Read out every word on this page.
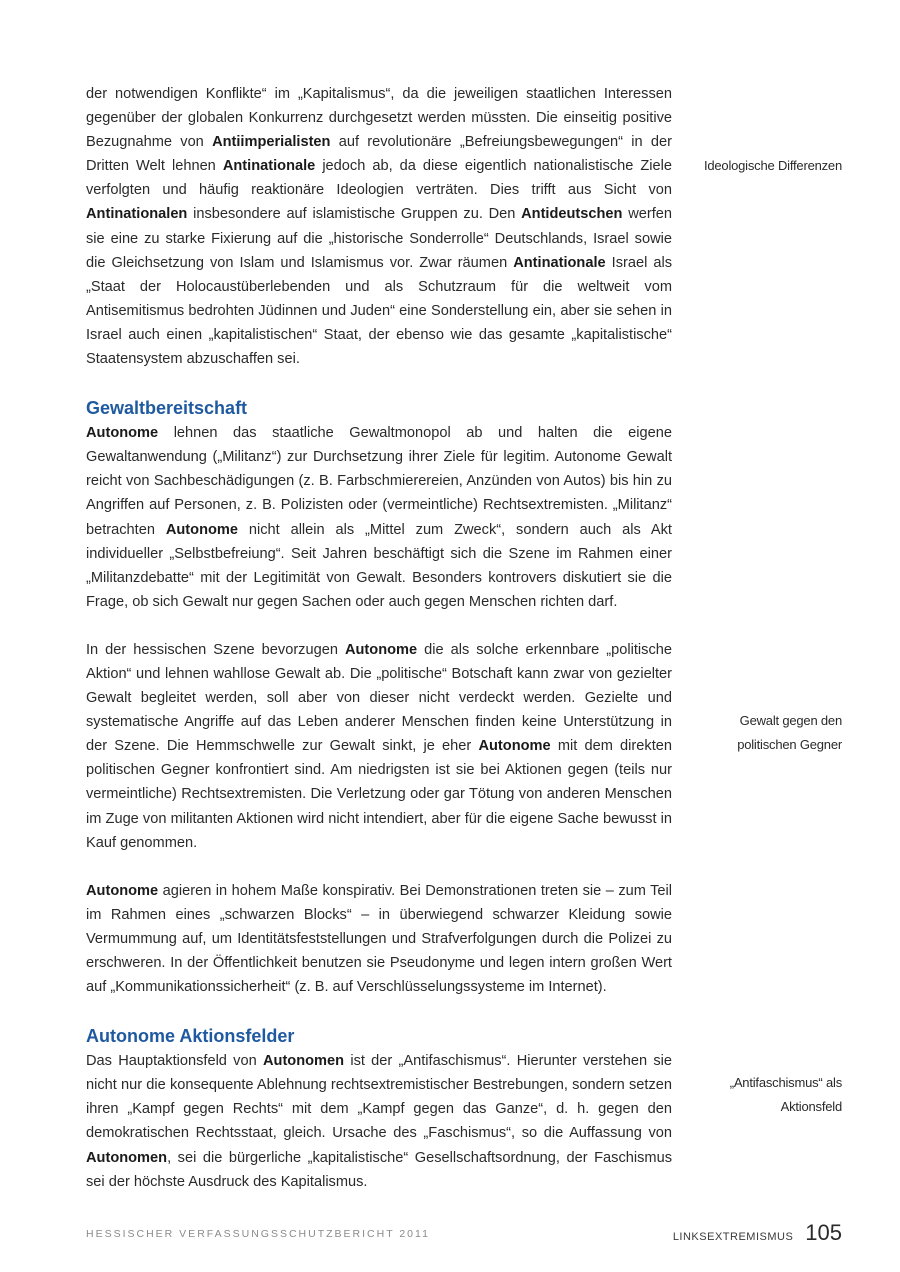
der notwendigen Konflikte“ im „Kapitalismus“, da die jeweiligen staatlichen Interessen gegenüber der globalen Konkurrenz durchgesetzt werden müssten. Die einseitig positive Bezugnahme von Antiimperialisten auf revolutionäre „Befreiungsbewegungen“ in der Dritten Welt lehnen Antinationale jedoch ab, da diese eigentlich nationalistische Ziele verfolgten und häufig reaktionäre Ideologien verträten. Dies trifft aus Sicht von Antinationalen insbesondere auf islamistische Gruppen zu. Den Antideutschen werfen sie eine zu starke Fixierung auf die „historische Sonderrolle“ Deutschlands, Israel sowie die Gleichsetzung von Islam und Islamismus vor. Zwar räumen Antinationale Israel als „Staat der Holocaustüberlebenden und als Schutzraum für die weltweit vom Antisemitismus bedrohten Jüdinnen und Juden“ eine Sonderstellung ein, aber sie sehen in Israel auch einen „kapitalistischen“ Staat, der ebenso wie das gesamte „kapitalistische“ Staatensystem abzuschaffen sei.

Gewaltbereitschaft

Autonome lehnen das staatliche Gewaltmonopol ab und halten die eigene Gewaltanwendung („Militanz“) zur Durchsetzung ihrer Ziele für legitim. Autonome Gewalt reicht von Sachbeschädigungen (z. B. Farbschmierereien, Anzünden von Autos) bis hin zu Angriffen auf Personen, z. B. Polizisten oder (vermeintliche) Rechtsextremisten. „Militanz“ betrachten Autonome nicht allein als „Mittel zum Zweck“, sondern auch als Akt individueller „Selbstbefreiung“. Seit Jahren beschäftigt sich die Szene im Rahmen einer „Militanzdebatte“ mit der Legitimität von Gewalt. Besonders kontrovers diskutiert sie die Frage, ob sich Gewalt nur gegen Sachen oder auch gegen Menschen richten darf.

In der hessischen Szene bevorzugen Autonome die als solche erkennbare „politische Aktion“ und lehnen wahllose Gewalt ab. Die „politische“ Botschaft kann zwar von gezielter Gewalt begleitet werden, soll aber von dieser nicht verdeckt werden. Gezielte und systematische Angriffe auf das Leben anderer Menschen finden keine Unterstützung in der Szene. Die Hemmschwelle zur Gewalt sinkt, je eher Autonome mit dem direkten politischen Gegner konfrontiert sind. Am niedrigsten ist sie bei Aktionen gegen (teils nur vermeintliche) Rechtsextremisten. Die Verletzung oder gar Tötung von anderen Menschen im Zuge von militanten Aktionen wird nicht intendiert, aber für die eigene Sache bewusst in Kauf genommen.

Autonome agieren in hohem Maße konspirativ. Bei Demonstrationen treten sie – zum Teil im Rahmen eines „schwarzen Blocks“ – in überwiegend schwarzer Kleidung sowie Vermummung auf, um Identitätsfeststellungen und Strafverfolgungen durch die Polizei zu erschweren. In der Öffentlichkeit benutzen sie Pseudonyme und legen intern großen Wert auf „Kommunikationssicherheit“ (z. B. auf Verschlüsselungssysteme im Internet).

Autonome Aktionsfelder

Das Hauptaktionsfeld von Autonomen ist der „Antifaschismus“. Hierunter verstehen sie nicht nur die konsequente Ablehnung rechtsextremistischer Bestrebungen, sondern setzen ihren „Kampf gegen Rechts“ mit dem „Kampf gegen das Ganze“, d. h. gegen den demokratischen Rechtsstaat, gleich. Ursache des „Faschismus“, so die Auffassung von Autonomen, sei die bürgerliche „kapitalistische“ Gesellschaftsordnung, der Faschismus sei der höchste Ausdruck des Kapitalismus.

Ideologische Differenzen
Gewalt gegen den
politischen Gegner
„Antifaschismus“ als
Aktionsfeld
HESSISCHER VERFASSUNGSSCHUTZBERICHT 2011	LINKSEXTREMISMUS 105
